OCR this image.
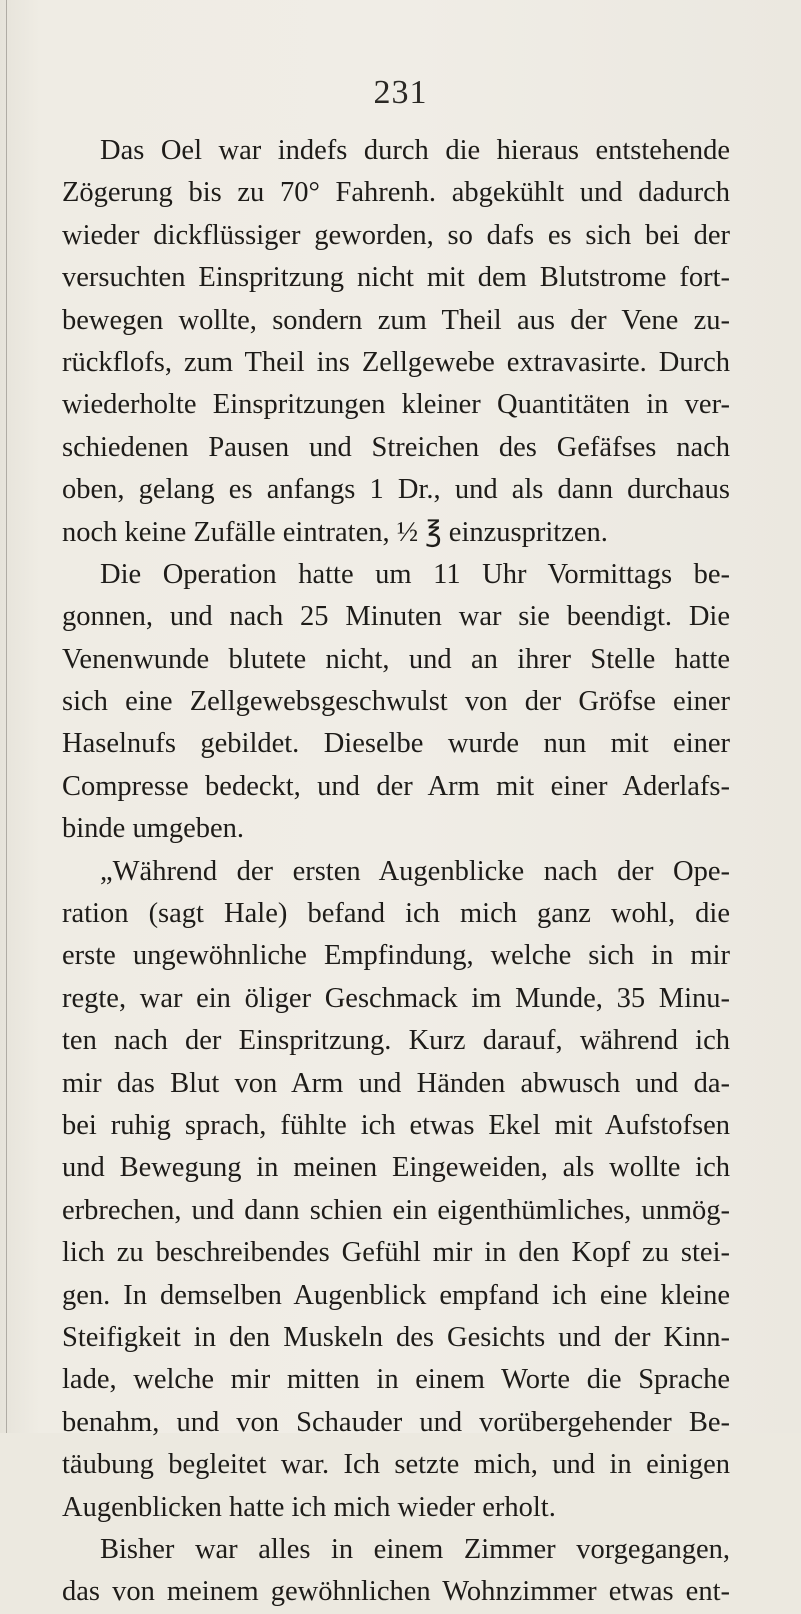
231
Das Oel war indefs durch die hieraus entstehende
Zögerung bis zu 70° Fahrenh. abgekühlt und dadurch
wieder dickflüssiger geworden, so dafs es sich bei der
versuchten Einspritzung nicht mit dem Blutstrome fort-
bewegen wollte, sondern zum Theil aus der Vene zu-
rückflofs, zum Theil ins Zellgewebe extravasirte. Durch
wiederholte Einspritzungen kleiner Quantitäten in ver-
schiedenen Pausen und Streichen des Gefäfses nach
oben, gelang es anfangs 1 Dr., und als dann durchaus
noch keine Zufälle eintraten, ½ ℥ einzuspritzen.
Die Operation hatte um 11 Uhr Vormittags be-
gonnen, und nach 25 Minuten war sie beendigt. Die
Venenwunde blutete nicht, und an ihrer Stelle hatte
sich eine Zellgewebsgeschwulst von der Gröfse einer
Haselnufs gebildet. Dieselbe wurde nun mit einer
Compresse bedeckt, und der Arm mit einer Aderlafs-
binde umgeben.
„Während der ersten Augenblicke nach der Ope-
ration (sagt Hale) befand ich mich ganz wohl, die
erste ungewöhnliche Empfindung, welche sich in mir
regte, war ein öliger Geschmack im Munde, 35 Minu-
ten nach der Einspritzung. Kurz darauf, während ich
mir das Blut von Arm und Händen abwusch und da-
bei ruhig sprach, fühlte ich etwas Ekel mit Aufstofsen
und Bewegung in meinen Eingeweiden, als wollte ich
erbrechen, und dann schien ein eigenthümliches, unmög-
lich zu beschreibendes Gefühl mir in den Kopf zu stei-
gen. In demselben Augenblick empfand ich eine kleine
Steifigkeit in den Muskeln des Gesichts und der Kinn-
lade, welche mir mitten in einem Worte die Sprache
benahm, und von Schauder und vorübergehender Be-
täubung begleitet war. Ich setzte mich, und in einigen
Augenblicken hatte ich mich wieder erholt.
Bisher war alles in einem Zimmer vorgegangen,
das von meinem gewöhnlichen Wohnzimmer etwas ent-
